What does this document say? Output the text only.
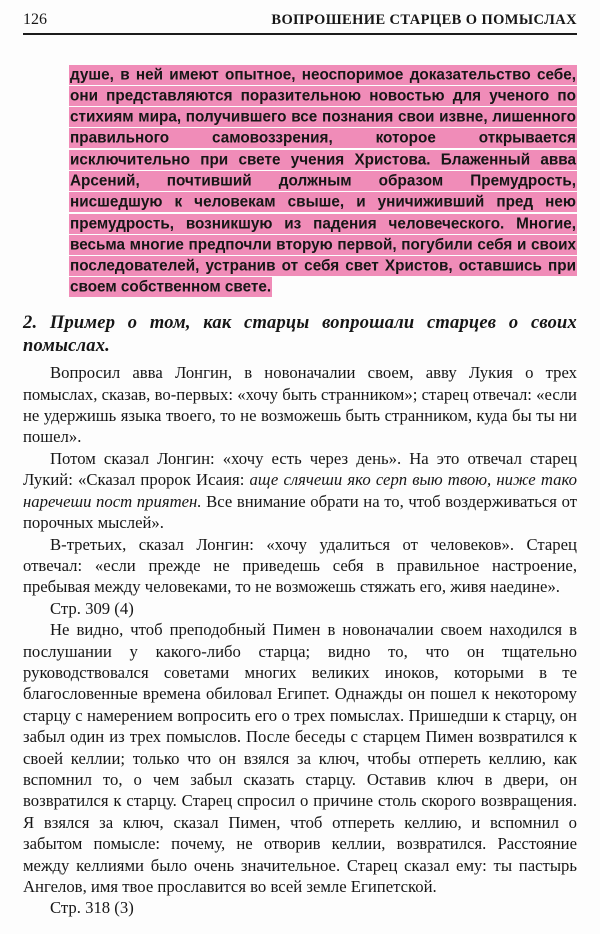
126	ВОПРОШЕНИЕ СТАРЦЕВ О ПОМЫСЛАХ

душе, в ней имеют опытное, неоспоримое доказательство себе, они представляются поразительною новостью для ученого по стихиям мира, получившего все познания свои извне, лишенного правильного самовоззрения, которое открывается исключительно при свете учения Христова. Блаженный авва Арсений, почтивший должным образом Премудрость, нисшедшую к человекам свыше, и уничиживший пред нею премудрость, возникшую из падения человеческого. Многие, весьма многие предпочли вторую первой, погубили себя и своих последователей, устранив от себя свет Христов, оставшись при своем собственном свете.

2. Пример о том, как старцы вопрошали старцев о своих помыслах.

Вопросил авва Лонгин, в новоначалии своем, авву Лукия о трех помыслах, сказав, во-первых: «хочу быть странником»; старец отвечал: «если не удержишь языка твоего, то не возможешь быть странником, куда бы ты ни пошел».

Потом сказал Лонгин: «хочу есть через день». На это отвечал старец Лукий: «Сказал пророк Исаия: аще слячеши яко серп выю твою, ниже тако наречеши пост приятен. Все внимание обрати на то, чтоб воздерживаться от порочных мыслей».

В-третьих, сказал Лонгин: «хочу удалиться от человеков». Старец отвечал: «если прежде не приведешь себя в правильное настроение, пребывая между человеками, то не возможешь стяжать его, живя наедине».

Стр. 309 (4)

Не видно, чтоб преподобный Пимен в новоначалии своем находился в послушании у какого-либо старца; видно то, что он тщательно руководствовался советами многих великих иноков, которыми в те благословенные времена обиловал Египет. Однажды он пошел к некоторому старцу с намерением вопросить его о трех помыслах. Пришедши к старцу, он забыл один из трех помыслов. После беседы с старцем Пимен возвратился к своей келлии; только что он взялся за ключ, чтобы отпереть келлию, как вспомнил то, о чем забыл сказать старцу. Оставив ключ в двери, он возвратился к старцу. Старец спросил о причине столь скорого возвращения. Я взялся за ключ, сказал Пимен, чтоб отпереть келлию, и вспомнил о забытом помысле: почему, не отворив келлии, возвратился. Расстояние между келлиями было очень значительное. Старец сказал ему: ты пастырь Ангелов, имя твое прославится во всей земле Египетской.

Стр. 318 (3)
